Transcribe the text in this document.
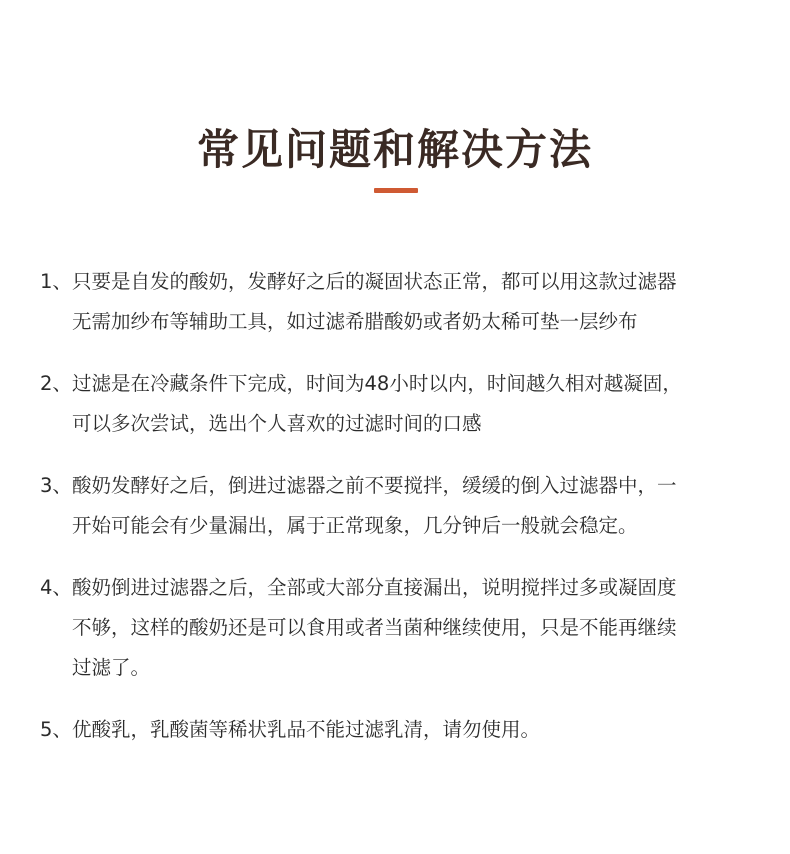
常见问题和解决方法
1、只要是自发的酸奶，发酵好之后的凝固状态正常，都可以用这款过滤器
无需加纱布等辅助工具，如过滤希腊酸奶或者奶太稀可垫一层纱布
2、过滤是在冷藏条件下完成，时间为48小时以内，时间越久相对越凝固，
可以多次尝试，选出个人喜欢的过滤时间的口感
3、酸奶发酵好之后，倒进过滤器之前不要搅拌，缓缓的倒入过滤器中，一
开始可能会有少量漏出，属于正常现象，几分钟后一般就会稳定。
4、酸奶倒进过滤器之后，全部或大部分直接漏出，说明搅拌过多或凝固度
不够，这样的酸奶还是可以食用或者当菌种继续使用，只是不能再继续
过滤了。
5、优酸乳，乳酸菌等稀状乳品不能过滤乳清，请勿使用。
